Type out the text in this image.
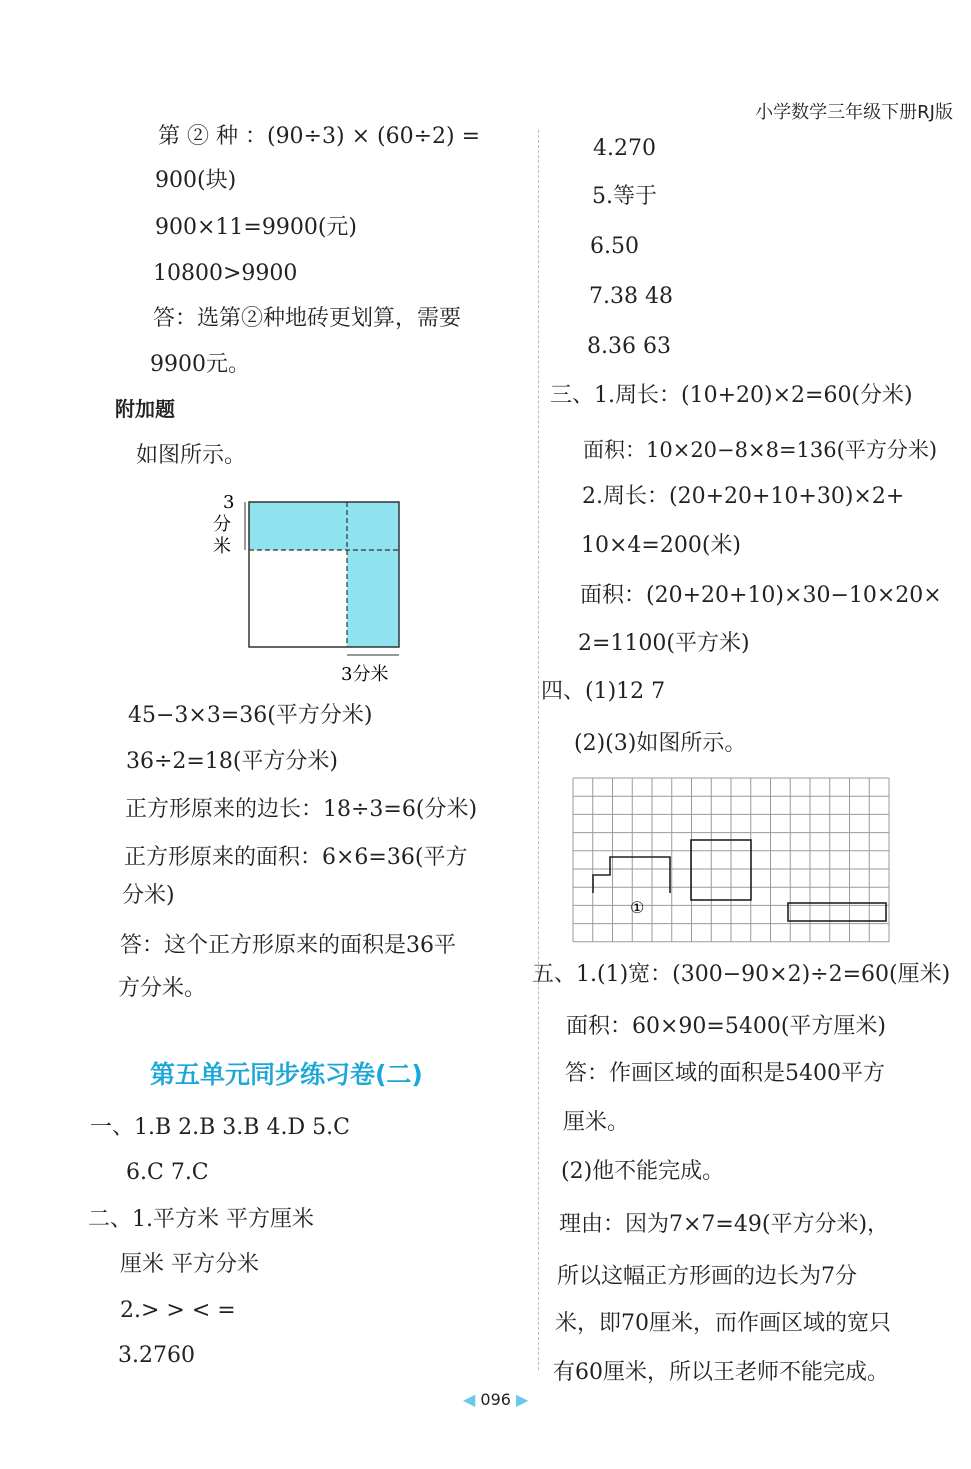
小学数学三年级下册RJ版
第 ② 种 ：(90÷3) × (60÷2) =
900(块)
900×11=9900(元)
10800>9900
答：选第②种地砖更划算，需要
9900元。
附加题
如图所示。
3
分
米
3分米
45−3×3=36(平方分米)
36÷2=18(平方分米)
正方形原来的边长：18÷3=6(分米)
正方形原来的面积：6×6=36(平方
分米)
答：这个正方形原来的面积是36平
方分米。
第五单元同步练习卷(二)
一、1.B 2.B 3.B 4.D 5.C
6.C 7.C
二、1.平方米 平方厘米
厘米 平方分米
2.> > < =
3.2760
4.270
5.等于
6.50
7.38 48
8.36 63
三、1.周长：(10+20)×2=60(分米)
面积：10×20−8×8=136(平方分米)
2.周长：(20+20+10+30)×2+
10×4=200(米)
面积：(20+20+10)×30−10×20×
2=1100(平方米)
四、(1)12 7
(2)(3)如图所示。
①
五、1.(1)宽：(300−90×2)÷2=60(厘米)
面积：60×90=5400(平方厘米)
答：作画区域的面积是5400平方
厘米。
(2)他不能完成。
理由：因为7×7=49(平方分米)，
所以这幅正方形画的边长为7分
米，即70厘米，而作画区域的宽只
有60厘米，所以王老师不能完成。
◀ 096 ▶
